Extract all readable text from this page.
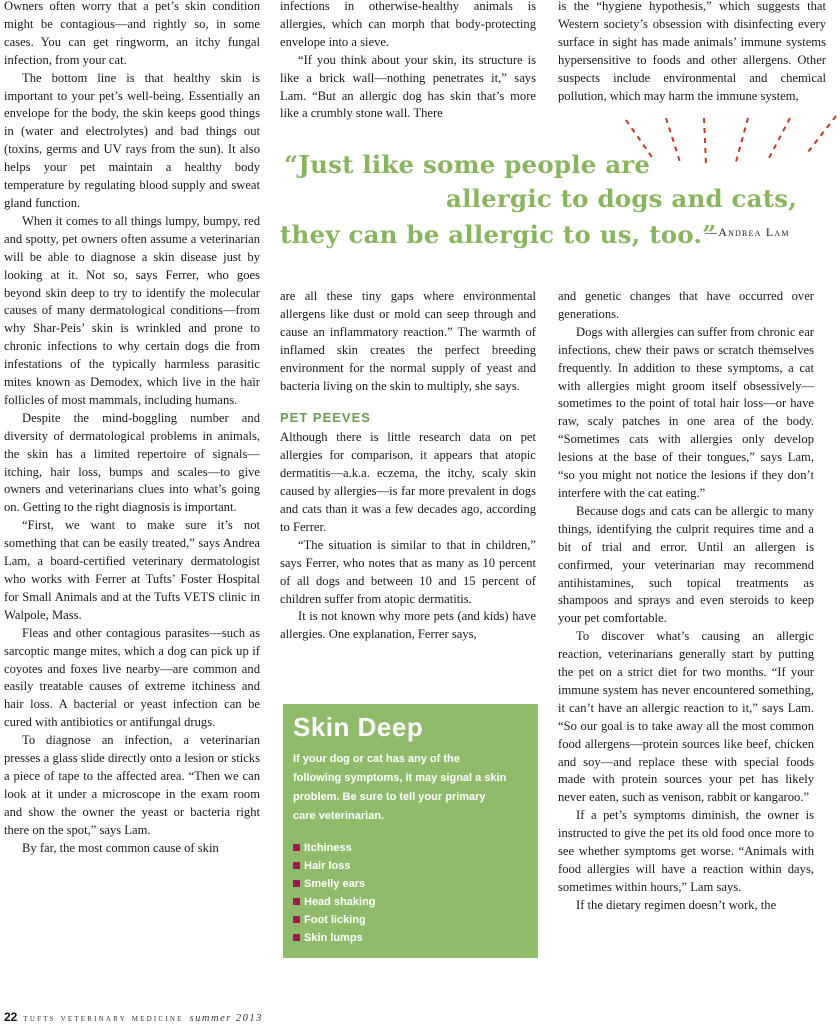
Owners often worry that a pet’s skin condition might be contagious—and rightly so, in some cases. You can get ringworm, an itchy fungal infection, from your cat.

The bottom line is that healthy skin is important to your pet’s well-being. Essentially an envelope for the body, the skin keeps good things in (water and electrolytes) and bad things out (toxins, germs and UV rays from the sun). It also helps your pet maintain a healthy body temperature by regulating blood supply and sweat gland function.

When it comes to all things lumpy, bumpy, red and spotty, pet owners often assume a veterinarian will be able to diagnose a skin disease just by looking at it. Not so, says Ferrer, who goes beyond skin deep to try to identify the molecular causes of many dermatological conditions—from why Shar-Peis’ skin is wrinkled and prone to chronic infections to why certain dogs die from infestations of the typically harmless parasitic mites known as Demodex, which live in the hair follicles of most mammals, including humans.

Despite the mind-boggling number and diversity of dermatological problems in animals, the skin has a limited repertoire of signals—itching, hair loss, bumps and scales—to give owners and veterinarians clues into what’s going on. Getting to the right diagnosis is important.

“First, we want to make sure it’s not something that can be easily treated,” says Andrea Lam, a board-certified veterinary dermatologist who works with Ferrer at Tufts’ Foster Hospital for Small Animals and at the Tufts VETS clinic in Walpole, Mass.

Fleas and other contagious parasites—such as sarcoptic mange mites, which a dog can pick up if coyotes and foxes live nearby—are common and easily treatable causes of extreme itchiness and hair loss. A bacterial or yeast infection can be cured with antibiotics or antifungal drugs.

To diagnose an infection, a veterinarian presses a glass slide directly onto a lesion or sticks a piece of tape to the affected area. “Then we can look at it under a microscope in the exam room and show the owner the yeast or bacteria right there on the spot,” says Lam.

By far, the most common cause of skin

infections in otherwise-healthy animals is allergies, which can morph that body-protecting envelope into a sieve.

“If you think about your skin, its structure is like a brick wall—nothing penetrates it,” says Lam. “But an allergic dog has skin that’s more like a crumbly stone wall. There

is the “hygiene hypothesis,” which suggests that Western society’s obsession with disinfecting every surface in sight has made animals’ immune systems hypersensitive to foods and other allergens. Other suspects include environmental and chemical pollution, which may harm the immune system,

“Just like some people are
allergic to dogs and cats,
they can be allergic to us, too.”
—Andrea Lam

are all these tiny gaps where environmental allergens like dust or mold can seep through and cause an inflammatory reaction.” The warmth of inflamed skin creates the perfect breeding environment for the normal supply of yeast and bacteria living on the skin to multiply, she says.

PET PEEVES

Although there is little research data on pet allergies for comparison, it appears that atopic dermatitis—a.k.a. eczema, the itchy, scaly skin caused by allergies—is far more prevalent in dogs and cats than it was a few decades ago, according to Ferrer.

“The situation is similar to that in children,” says Ferrer, who notes that as many as 10 percent of all dogs and between 10 and 15 percent of children suffer from atopic dermatitis.

It is not known why more pets (and kids) have allergies. One explanation, Ferrer says,

and genetic changes that have occurred over generations.

Dogs with allergies can suffer from chronic ear infections, chew their paws or scratch themselves frequently. In addition to these symptoms, a cat with allergies might groom itself obsessively—sometimes to the point of total hair loss—or have raw, scaly patches in one area of the body. “Sometimes cats with allergies only develop lesions at the base of their tongues,” says Lam, “so you might not notice the lesions if they don’t interfere with the cat eating.”

Because dogs and cats can be allergic to many things, identifying the culprit requires time and a bit of trial and error. Until an allergen is confirmed, your veterinarian may recommend antihistamines, such topical treatments as shampoos and sprays and even steroids to keep your pet comfortable.

To discover what’s causing an allergic reaction, veterinarians generally start by putting the pet on a strict diet for two months. “If your immune system has never encountered something, it can’t have an allergic reaction to it,” says Lam. “So our goal is to take away all the most common food allergens—protein sources like beef, chicken and soy—and replace these with special foods made with protein sources your pet has likely never eaten, such as venison, rabbit or kangaroo.”

If a pet’s symptoms diminish, the owner is instructed to give the pet its old food once more to see whether symptoms get worse. “Animals with food allergies will have a reaction within days, sometimes within hours,” Lam says.

If the dietary regimen doesn’t work, the

Skin Deep
If your dog or cat has any of the following symptoms, it may signal a skin problem. Be sure to tell your primary care veterinarian.
Itchiness
Hair loss
Smelly ears
Head shaking
Foot licking
Skin lumps
22 tufts veterinary medicine summer 2013
